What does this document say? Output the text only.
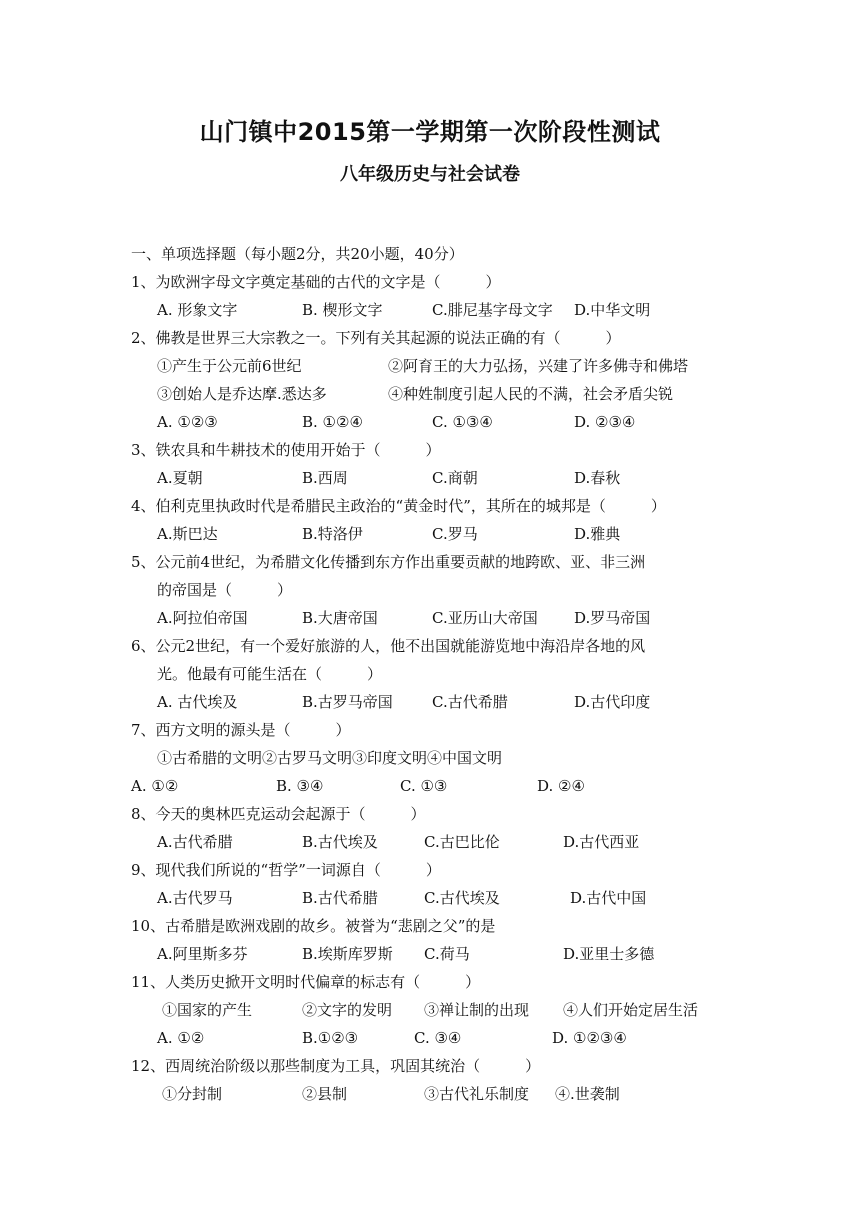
山门镇中2015第一学期第一次阶段性测试
八年级历史与社会试卷
一、单项选择题（每小题2分，共20小题，40分）
1、为欧洲字母文字奠定基础的古代的文字是（　　　）
A. 形象文字	B. 楔形文字	C.腓尼基字母文字 D.中华文明
2、佛教是世界三大宗教之一。下列有关其起源的说法正确的有（　　　）
①产生于公元前6世纪	②阿育王的大力弘扬，兴建了许多佛寺和佛塔
③创始人是乔达摩.悉达多	④种姓制度引起人民的不满，社会矛盾尖锐
A. ①②③	B. ①②④	C. ①③④	D. ②③④
3、铁农具和牛耕技术的使用开始于（　　　）
A.夏朝	B.西周	C.商朝	D.春秋
4、伯利克里执政时代是希腊民主政治的“黄金时代”，其所在的城邦是（　　　）
A.斯巴达	B.特洛伊	C.罗马	D.雅典
5、公元前4世纪，为希腊文化传播到东方作出重要贡献的地跨欧、亚、非三洲
的帝国是（　　　）
A.阿拉伯帝国	B.大唐帝国	C.亚历山大帝国 D.罗马帝国
6、公元2世纪，有一个爱好旅游的人，他不出国就能游览地中海沿岸各地的风
光。他最有可能生活在（　　　）
A. 古代埃及	B.古罗马帝国	C.古代希腊	D.古代印度
7、西方文明的源头是（　　　）
①古希腊的文明②古罗马文明③印度文明④中国文明
A. ①②	B. ③④	C. ①③	D. ②④
8、今天的奥林匹克运动会起源于（　　　）
A.古代希腊	B.古代埃及	C.古巴比伦	D.古代西亚
9、现代我们所说的“哲学”一词源自（　　　）
A.古代罗马	B.古代希腊	C.古代埃及	D.古代中国
10、古希腊是欧洲戏剧的故乡。被誉为“悲剧之父”的是
A.阿里斯多芬	B.埃斯库罗斯 C.荷马	D.亚里士多德
11、人类历史掀开文明时代偏章的标志有（　　　）
①国家的产生	②文字的发明 ③禅让制的出现 ④人们开始定居生活
A. ①②	B.①②③	C. ③④	D. ①②③④
12、西周统治阶级以那些制度为工具，巩固其统治（　　　）
①分封制	②县制	③古代礼乐制度 ④.世袭制
